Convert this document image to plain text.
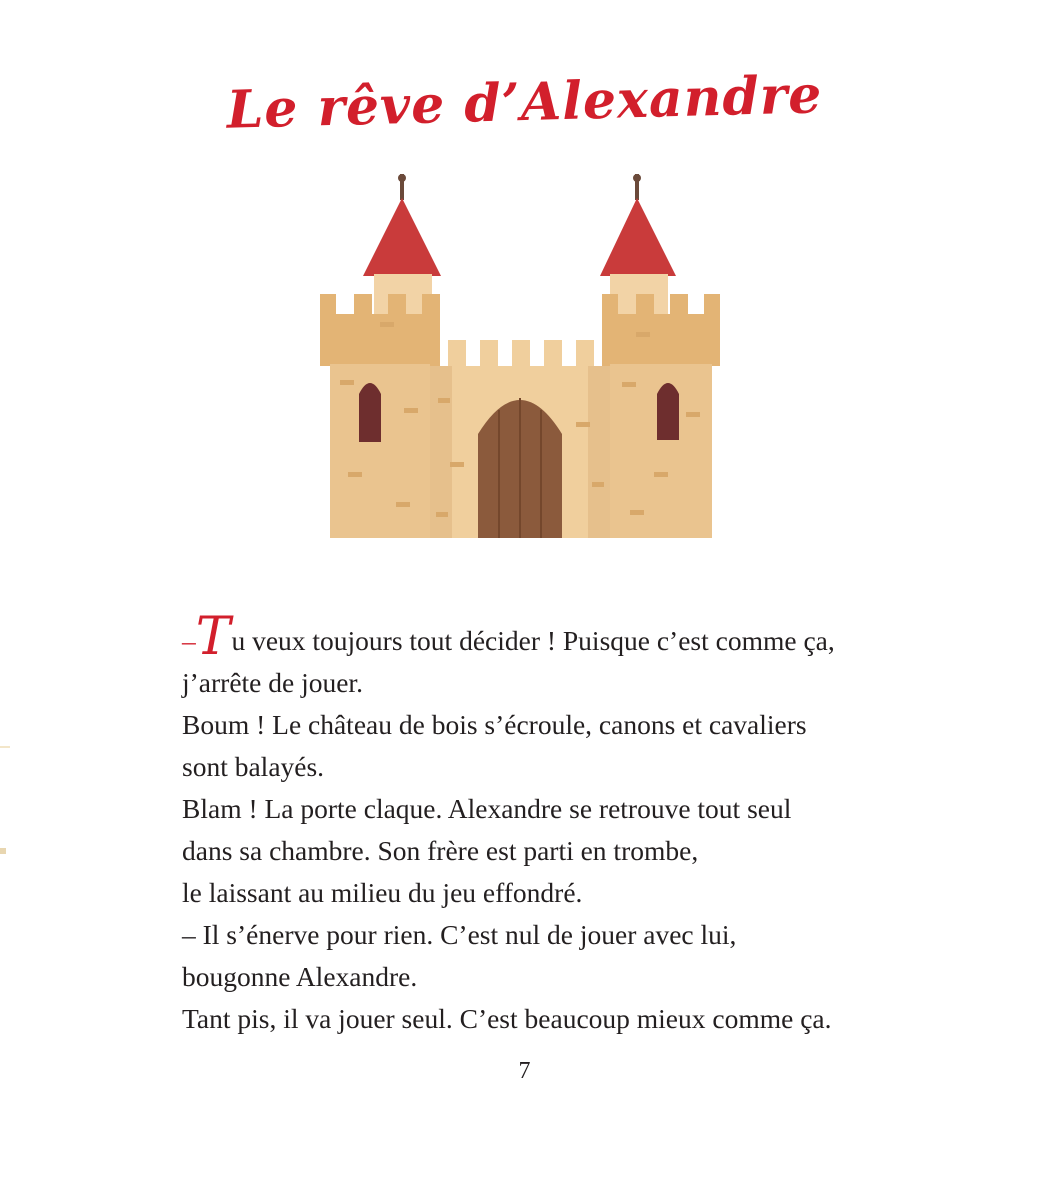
Le rêve d’Alexandre

–Tu veux toujours tout décider ! Puisque c’est comme ça,

j’arrête de jouer.

Boum ! Le château de bois s’écroule, canons et cavaliers

sont balayés.

Blam ! La porte claque. Alexandre se retrouve tout seul

dans sa chambre. Son frère est parti en trombe,

le laissant au milieu du jeu effondré.

– Il s’énerve pour rien. C’est nul de jouer avec lui,

bougonne Alexandre.

Tant pis, il va jouer seul. C’est beaucoup mieux comme ça.

7
